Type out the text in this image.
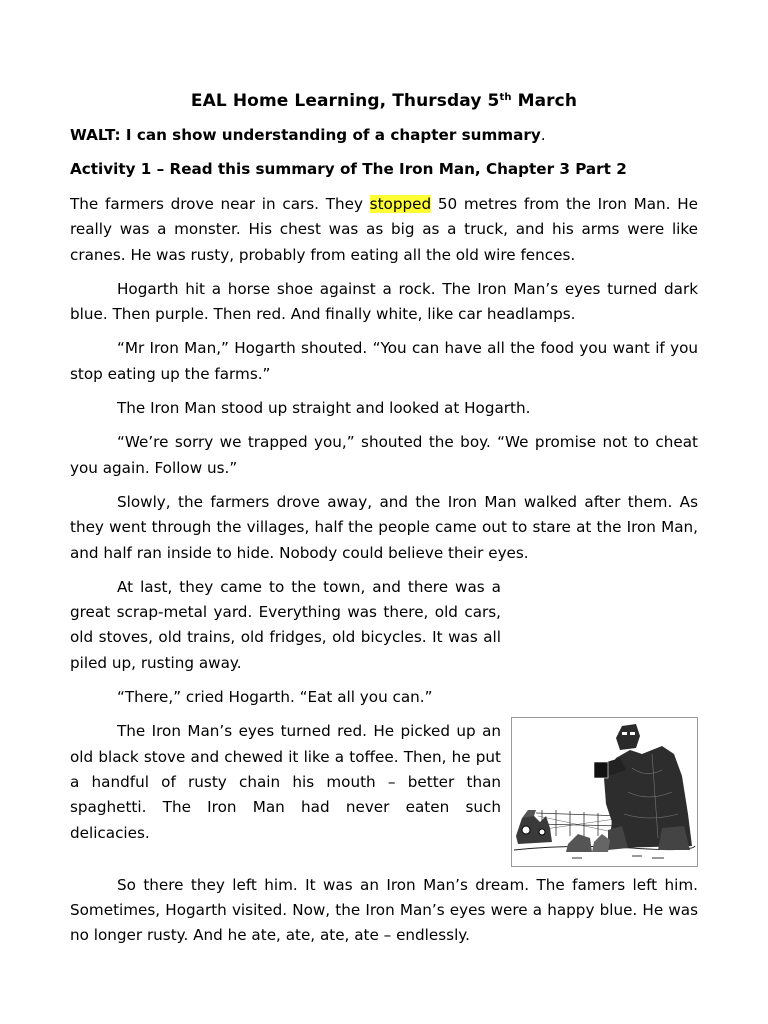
EAL Home Learning, Thursday 5th March
WALT: I can show understanding of a chapter summary.
Activity 1 – Read this summary of The Iron Man, Chapter 3 Part 2

The farmers drove near in cars. They stopped 50 metres from the Iron Man. He really was a monster. His chest was as big as a truck, and his arms were like cranes. He was rusty, probably from eating all the old wire fences.

Hogarth hit a horse shoe against a rock. The Iron Man’s eyes turned dark blue. Then purple. Then red. And finally white, like car headlamps.

“Mr Iron Man,” Hogarth shouted. “You can have all the food you want if you stop eating up the farms.”

The Iron Man stood up straight and looked at Hogarth.

“We’re sorry we trapped you,” shouted the boy. “We promise not to cheat you again. Follow us.”

Slowly, the farmers drove away, and the Iron Man walked after them. As they went through the villages, half the people came out to stare at the Iron Man, and half ran inside to hide. Nobody could believe their eyes.

At last, they came to the town, and there was a great scrap-metal yard. Everything was there, old cars, old stoves, old trains, old fridges, old bicycles. It was all piled up, rusting away.

“There,” cried Hogarth. “Eat all you can.”

The Iron Man’s eyes turned red. He picked up an old black stove and chewed it like a toffee. Then, he put a handful of rusty chain his mouth – better than spaghetti. The Iron Man had never eaten such delicacies.

So there they left him. It was an Iron Man’s dream. The famers left him. Sometimes, Hogarth visited. Now, the Iron Man’s eyes were a happy blue. He was no longer rusty. And he ate, ate, ate, ate – endlessly.
